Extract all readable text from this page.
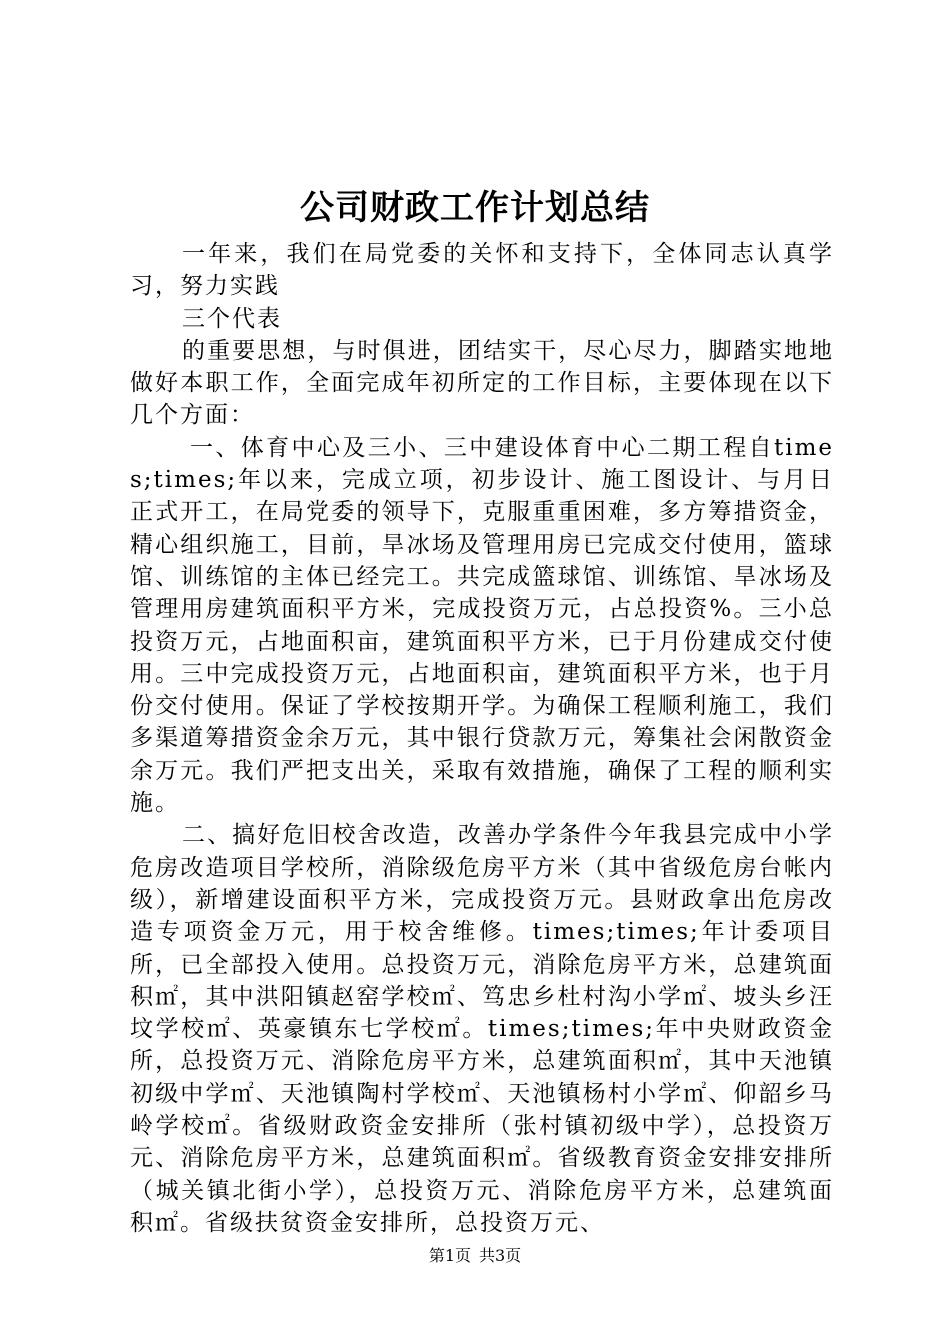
公司财政工作计划总结

一年来，我们在局党委的关怀和支持下，全体同志认真学习，努力实践

三个代表

的重要思想，与时俱进，团结实干，尽心尽力，脚踏实地地做好本职工作，全面完成年初所定的工作目标，主要体现在以下几个方面：

一、体育中心及三小、三中建设体育中心二期工程自times;times;年以来，完成立项，初步设计、施工图设计、与月日正式开工，在局党委的领导下，克服重重困难，多方筹措资金，精心组织施工，目前，旱冰场及管理用房已完成交付使用，篮球馆、训练馆的主体已经完工。共完成篮球馆、训练馆、旱冰场及管理用房建筑面积平方米，完成投资万元，占总投资%。三小总投资万元，占地面积亩，建筑面积平方米，已于月份建成交付使用。三中完成投资万元，占地面积亩，建筑面积平方米，也于月份交付使用。保证了学校按期开学。为确保工程顺利施工，我们多渠道筹措资金余万元，其中银行贷款万元，筹集社会闲散资金余万元。我们严把支出关，采取有效措施，确保了工程的顺利实施。

二、搞好危旧校舍改造，改善办学条件今年我县完成中小学危房改造项目学校所，消除级危房平方米（其中省级危房台帐内级），新增建设面积平方米，完成投资万元。县财政拿出危房改造专项资金万元，用于校舍维修。times;times;年计委项目所，已全部投入使用。总投资万元，消除危房平方米，总建筑面积㎡，其中洪阳镇赵窑学校㎡、笃忠乡杜村沟小学㎡、坡头乡汪坟学校㎡、英豪镇东七学校㎡。times;times;年中央财政资金所，总投资万元、消除危房平方米，总建筑面积㎡，其中天池镇初级中学㎡、天池镇陶村学校㎡、天池镇杨村小学㎡、仰韶乡马岭学校㎡。省级财政资金安排所（张村镇初级中学），总投资万元、消除危房平方米，总建筑面积㎡。省级教育资金安排安排所（城关镇北街小学），总投资万元、消除危房平方米，总建筑面积㎡。省级扶贫资金安排所，总投资万元、

第1页 共3页
